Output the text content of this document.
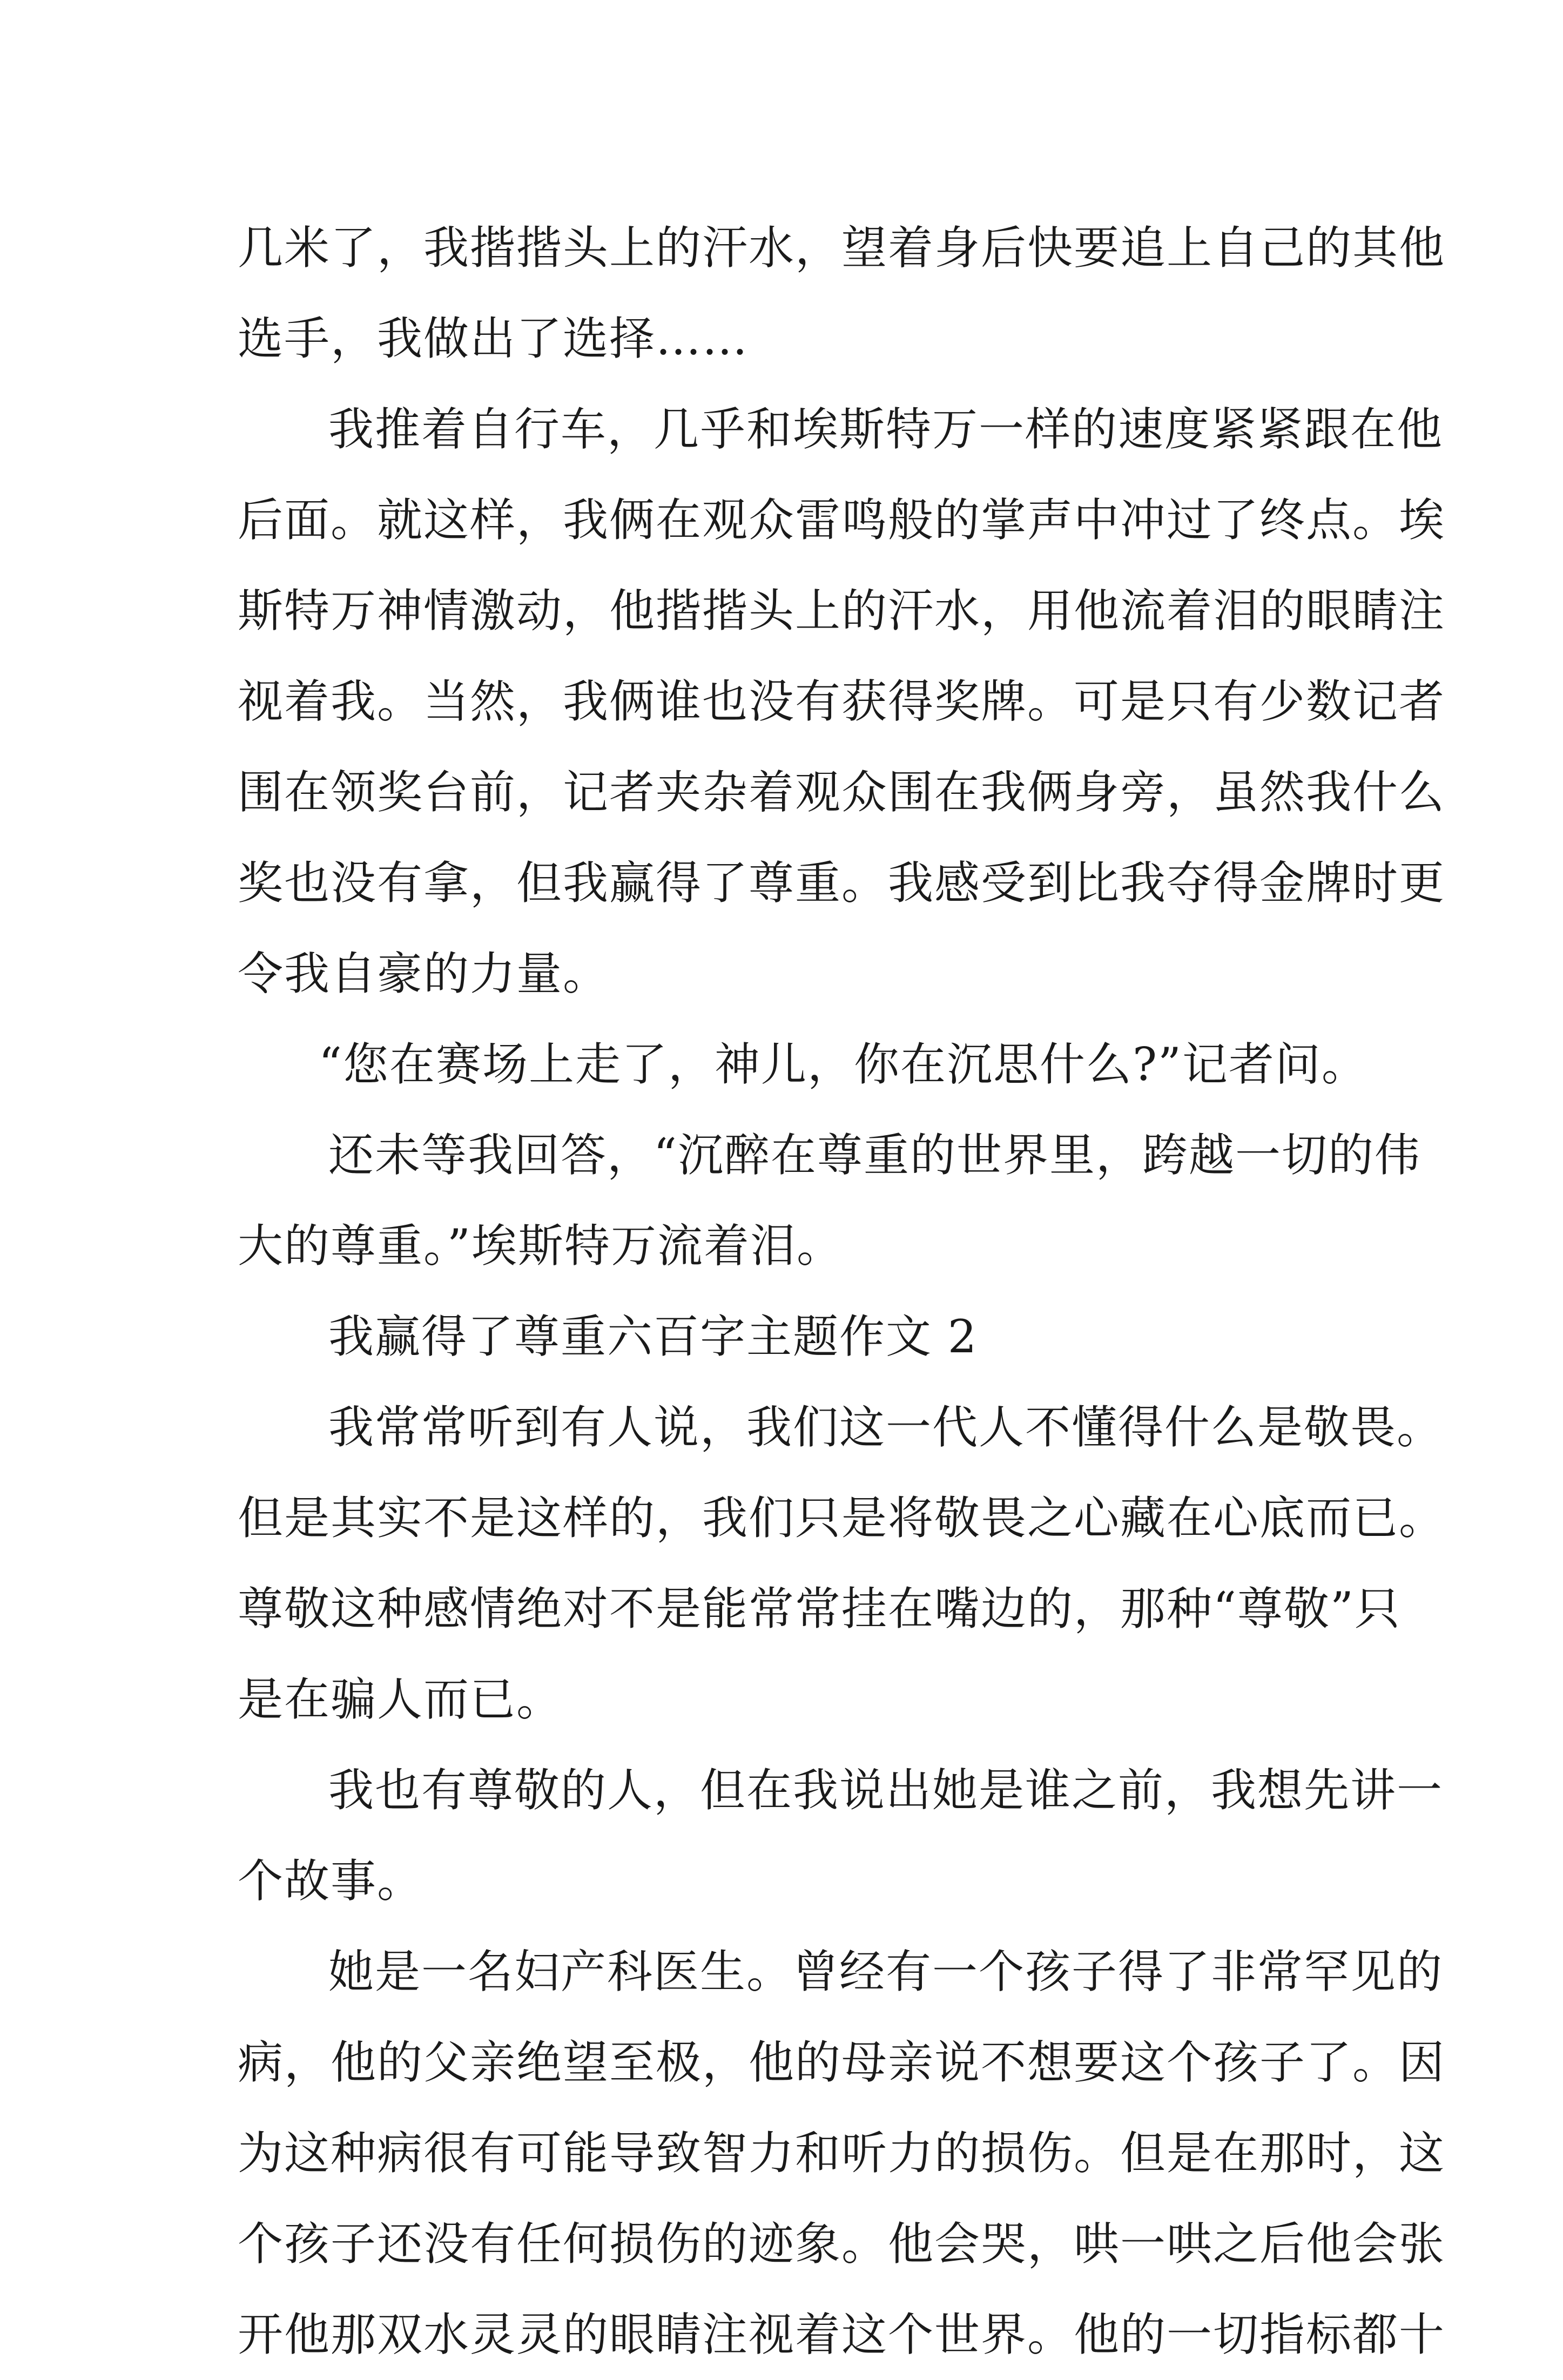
几米了，我揩揩头上的汗水，望着身后快要追上自己的其他
选手，我做出了选择……
我推着自行车，几乎和埃斯特万一样的速度紧紧跟在他
后面。就这样，我俩在观众雷鸣般的掌声中冲过了终点。埃
斯特万神情激动，他揩揩头上的汗水，用他流着泪的眼睛注
视着我。当然，我俩谁也没有获得奖牌。可是只有少数记者
围在领奖台前，记者夹杂着观众围在我俩身旁，虽然我什么
奖也没有拿，但我赢得了尊重。我感受到比我夺得金牌时更
令我自豪的力量。
“您在赛场上走了，神儿，你在沉思什么?”记者问。
还未等我回答，“沉醉在尊重的世界里，跨越一切的伟
大的尊重。”埃斯特万流着泪。
我赢得了尊重六百字主题作文 2
我常常听到有人说，我们这一代人不懂得什么是敬畏。
但是其实不是这样的，我们只是将敬畏之心藏在心底而已。
尊敬这种感情绝对不是能常常挂在嘴边的，那种“尊敬”只
是在骗人而已。
我也有尊敬的人，但在我说出她是谁之前，我想先讲一
个故事。
她是一名妇产科医生。曾经有一个孩子得了非常罕见的
病，他的父亲绝望至极，他的母亲说不想要这个孩子了。因
为这种病很有可能导致智力和听力的损伤。但是在那时，这
个孩子还没有任何损伤的迹象。他会哭，哄一哄之后他会张
开他那双水灵灵的眼睛注视着这个世界。他的一切指标都十
